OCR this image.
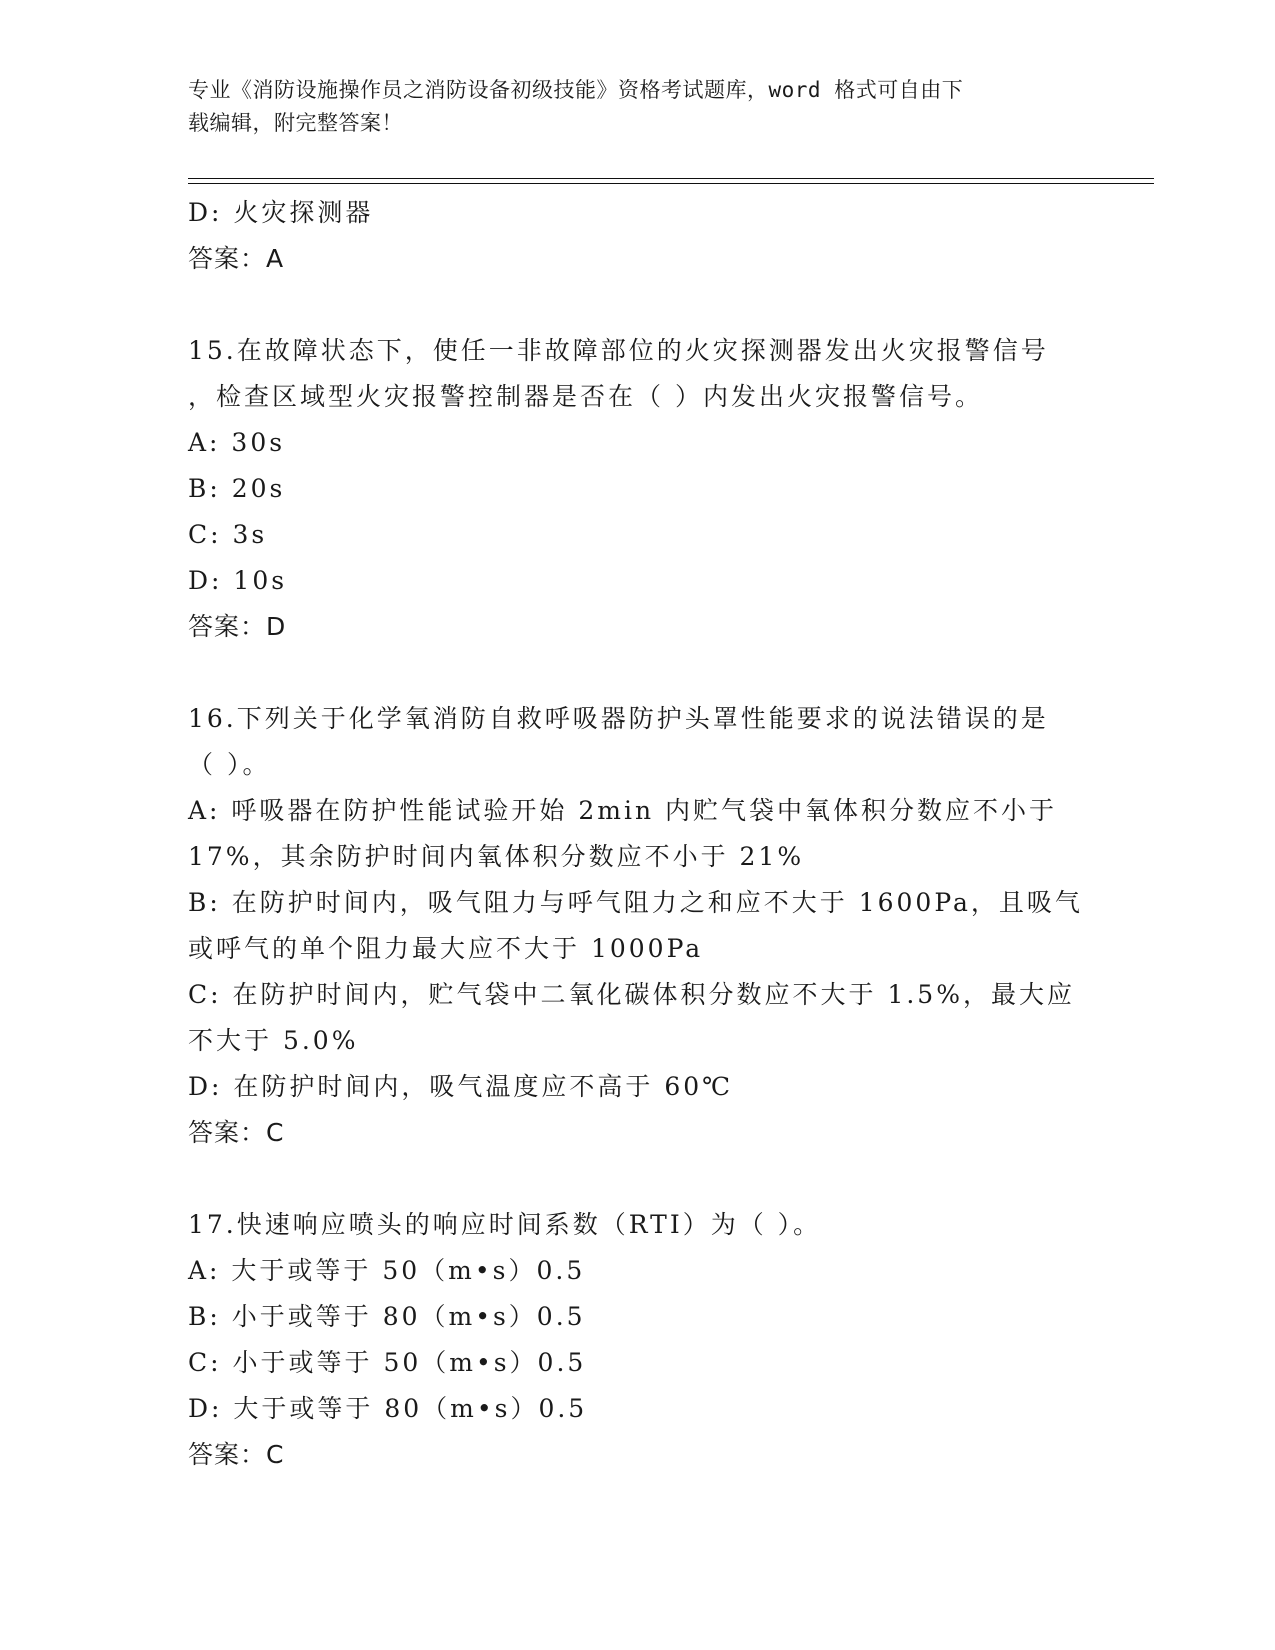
专业《消防设施操作员之消防设备初级技能》资格考试题库，word 格式可自由下
载编辑，附完整答案！
D: 火灾探测器
答案：A
15.在故障状态下，使任一非故障部位的火灾探测器发出火灾报警信号
，检查区域型火灾报警控制器是否在（ ）内发出火灾报警信号。
A: 30s
B: 20s
C: 3s
D: 10s
答案：D
16.下列关于化学氧消防自救呼吸器防护头罩性能要求的说法错误的是
（ ）。
A: 呼吸器在防护性能试验开始 2min 内贮气袋中氧体积分数应不小于
17%，其余防护时间内氧体积分数应不小于 21%
B: 在防护时间内，吸气阻力与呼气阻力之和应不大于 1600Pa，且吸气
或呼气的单个阻力最大应不大于 1000Pa
C: 在防护时间内，贮气袋中二氧化碳体积分数应不大于 1.5%，最大应
不大于 5.0%
D: 在防护时间内，吸气温度应不高于 60℃
答案：C
17.快速响应喷头的响应时间系数（RTI）为（ ）。
A: 大于或等于 50（m•s）0.5
B: 小于或等于 80（m•s）0.5
C: 小于或等于 50（m•s）0.5
D: 大于或等于 80（m•s）0.5
答案：C
